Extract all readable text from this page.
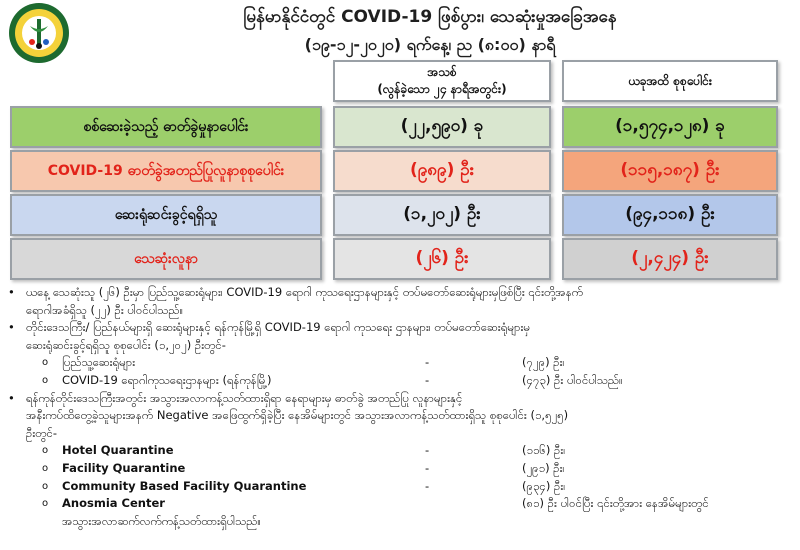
မြန်မာနိုင်ငံတွင် COVID-19 ဖြစ်ပွား၊ သေဆုံးမှုအခြေအနေ
(၁၉-၁၂-၂၀၂၀) ရက်နေ့၊ ည (၈:၀၀) နာရီ
အသစ်
(လွန်ခဲ့သော ၂၄ နာရီအတွင်း)
ယခုအထိ စုစုပေါင်း
စစ်ဆေးခဲ့သည့် ဓာတ်ခွဲမှုနာပေါင်း	(၂၂,၅၉၀) ခု	(၁,၅၇၄,၁၂၈) ခု
COVID-19 ဓာတ်ခွဲအတည်ပြုလူနာစုစုပေါင်း	(၉၈၉) ဦး	(၁၁၅,၁၈၇) ဦး
ဆေးရုံဆင်းခွင့်ရရှိသူ	(၁,၂၀၂) ဦး	(၉၄,၁၁၈) ဦး
သေဆုံးလူနာ	(၂၆) ဦး	(၂,၄၂၄) ဦး
• ယနေ့ သေဆုံးသူ (၂၆) ဦးမှာ ပြည်သူ့ဆေးရုံများ၊ COVID-19 ရောဂါ ကုသရေးဌာနများနှင့် တပ်မတော်ဆေးရုံများမှဖြစ်ပြီး ၎င်းတို့အနက်
ရောဂါအခံရှိသူ (၂၂) ဦး ပါဝင်ပါသည်။
• တိုင်းဒေသကြီး/ ပြည်နယ်များရှိ ဆေးရုံများနှင့် ရန်ကုန်မြို့ရှိ COVID-19 ရောဂါ ကုသရေး ဌာနများ၊ တပ်မတော်ဆေးရုံများမှ
ဆေးရုံဆင်းခွင့်ရရှိသူ စုစုပေါင်း (၁,၂၀၂) ဦးတွင်-
o ပြည်သူ့ဆေးရုံများ	-	(၇၂၉) ဦး၊
o COVID-19 ရောဂါကုသရေးဌာနများ (ရန်ကုန်မြို့)	-	(၄၇၃) ဦး ပါဝင်ပါသည်။
• ရန်ကုန်တိုင်းဒေသကြီးအတွင်း အသွားအလာကန့်သတ်ထားရှိရာ နေရာများမှ ဓာတ်ခွဲ အတည်ပြု လူနာများနှင့်
အနီးကပ်ထိတွေ့ခဲ့သူများအနက် Negative အဖြေထွက်ရှိခဲ့ပြီး နေအိမ်များတွင် အသွားအလာကန့်သတ်ထားရှိသူ စုစုပေါင်း (၁,၅၂၅)
ဦးတွင်-
o Hotel Quarantine	-	(၁၁၆) ဦး၊
o Facility Quarantine	-	(၂၉၁) ဦး၊
o Community Based Facility Quarantine	-	(၉၃၄) ဦး၊
o Anosmia Center	(၈၁) ဦး ပါဝင်ပြီး ၎င်းတို့အား နေအိမ်များတွင်
အသွားအလာဆက်လက်ကန့်သတ်ထားရှိပါသည်။
